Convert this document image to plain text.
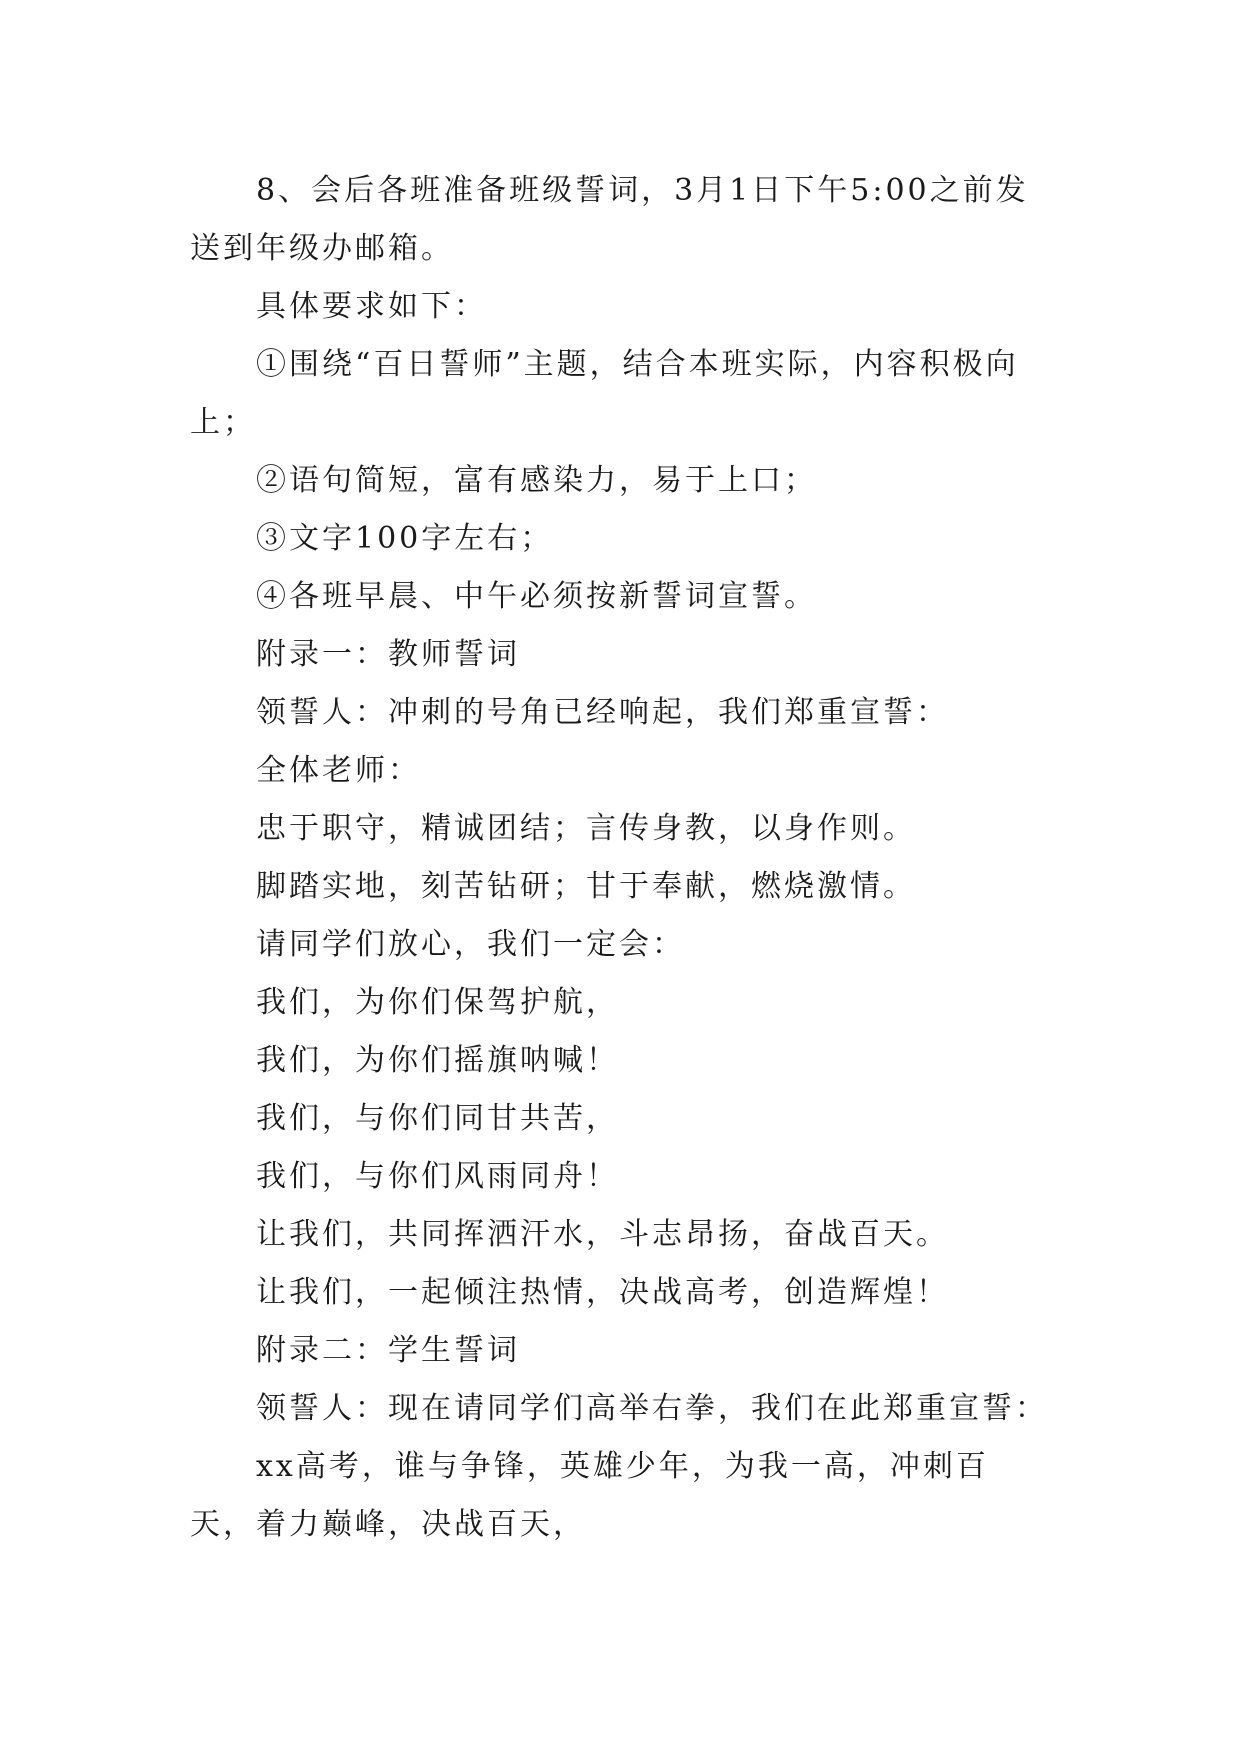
8、会后各班准备班级誓词，3月1日下午5:00之前发送到年级办邮箱。

具体要求如下：

①围绕“百日誓师”主题，结合本班实际，内容积极向上；

②语句简短，富有感染力，易于上口；

③文字100字左右；

④各班早晨、中午必须按新誓词宣誓。

附录一：教师誓词

领誓人：冲刺的号角已经响起，我们郑重宣誓：

全体老师：

忠于职守，精诚团结；言传身教，以身作则。

脚踏实地，刻苦钻研；甘于奉献，燃烧激情。

请同学们放心，我们一定会：

我们，为你们保驾护航，

我们，为你们摇旗呐喊！

我们，与你们同甘共苦，

我们，与你们风雨同舟！

让我们，共同挥洒汗水，斗志昂扬，奋战百天。

让我们，一起倾注热情，决战高考，创造辉煌！

附录二：学生誓词

领誓人：现在请同学们高举右拳，我们在此郑重宣誓：

xx高考，谁与争锋，英雄少年，为我一高，冲刺百天，着力巅峰，决战百天，
